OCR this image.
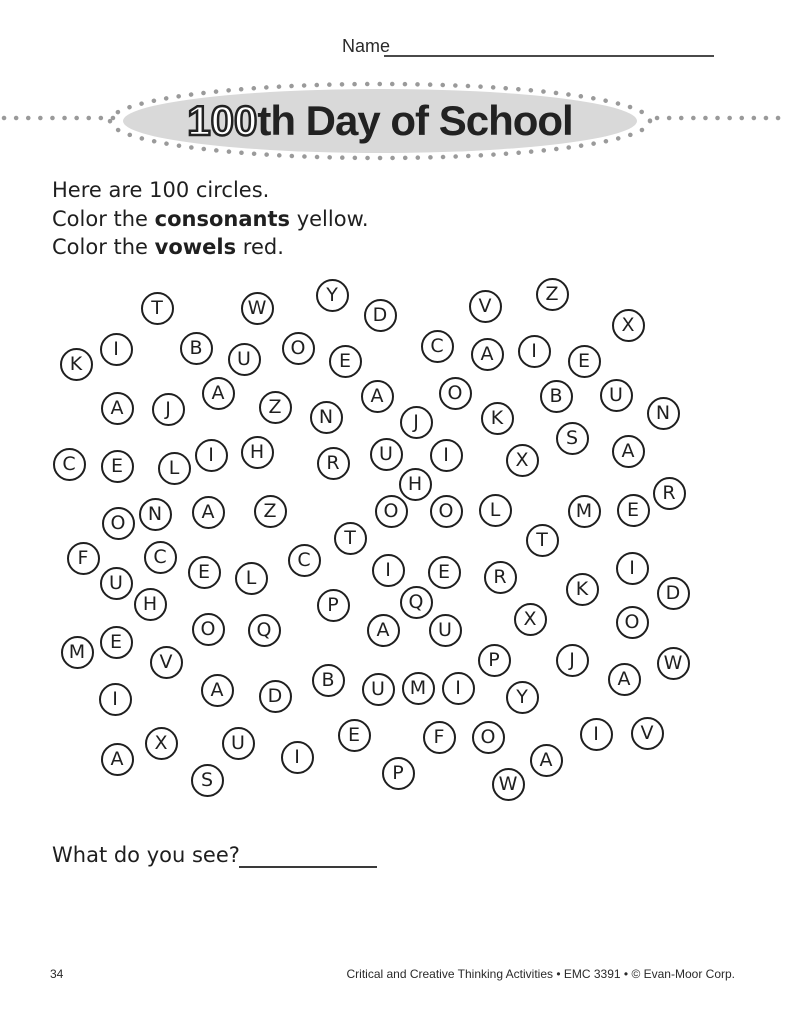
Name
100th Day of School
Here are 100 circles.
Color the consonants yellow.
Color the vowels red.
T	W
Y
D	V
Z
X
K
I	B	U	O
E
C	A	I	E
A	J
A
Z	N
A
J
O
K
B	U
N
S
A
C	E	L
I	H	R	U	I	X
H	R
O	N	A	Z	O	O	L	M	E
T	T
F	C
E	L
C	I	E	R	I
U	K	D
H	P	Q
X	O
O	Q	A	U
E
M	V	P	J	W
A
B	U	M	I
A	D	Y
I
I	V
E	F	O
X	U
I
A	A
P
S	W
What do you see?
34	Critical and Creative Thinking Activities • EMC 3391 • © Evan-Moor Corp.
